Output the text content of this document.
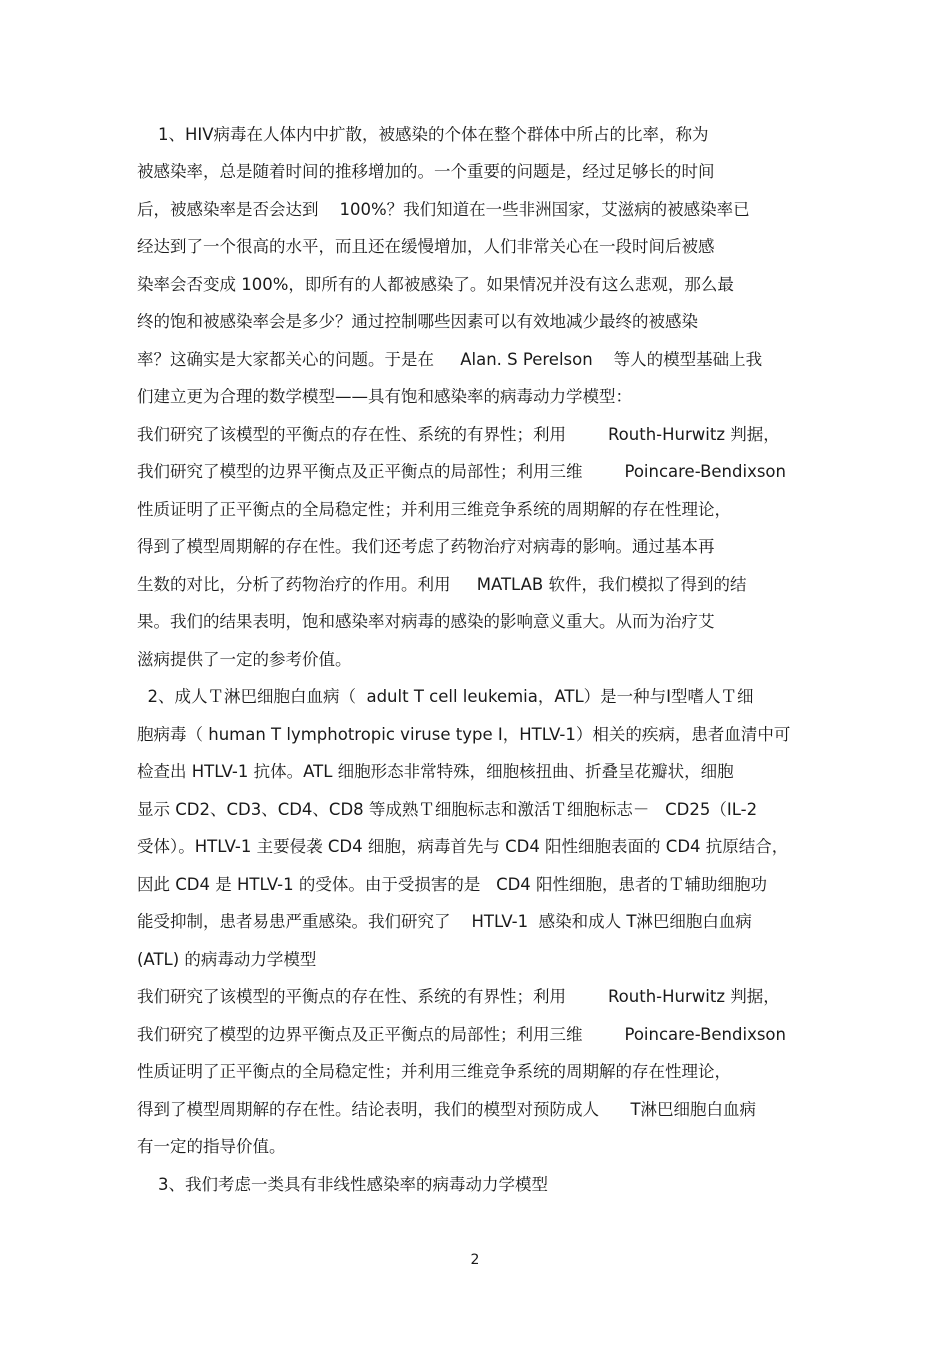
1、HIV病毒在人体内中扩散，被感染的个体在整个群体中所占的比率，称为
被感染率，总是随着时间的推移增加的。一个重要的问题是，经过足够长的时间
后，被感染率是否会达到    100%？我们知道在一些非洲国家，艾滋病的被感染率已
经达到了一个很高的水平，而且还在缓慢增加，人们非常关心在一段时间后被感
染率会否变成 100%，即所有的人都被感染了。如果情况并没有这么悲观，那么最
终的饱和被感染率会是多少？通过控制哪些因素可以有效地减少最终的被感染
率？这确实是大家都关心的问题。于是在     Alan. S Perelson    等人的模型基础上我
们建立更为合理的数学模型——具有饱和感染率的病毒动力学模型：
我们研究了该模型的平衡点的存在性、系统的有界性；利用        Routh-Hurwitz 判据，
我们研究了模型的边界平衡点及正平衡点的局部性；利用三维        Poincare-Bendixson
性质证明了正平衡点的全局稳定性；并利用三维竞争系统的周期解的存在性理论，
得到了模型周期解的存在性。我们还考虑了药物治疗对病毒的影响。通过基本再
生数的对比，分析了药物治疗的作用。利用     MATLAB 软件，我们模拟了得到的结
果。我们的结果表明，饱和感染率对病毒的感染的影响意义重大。从而为治疗艾
滋病提供了一定的参考价值。
2、成人Ｔ淋巴细胞白血病（  adult T cell leukemia，ATL）是一种与Ⅰ型嗜人Ｔ细
胞病毒（ human T lymphotropic viruse type I，HTLV-1）相关的疾病，患者血清中可
检查出 HTLV-1 抗体。ATL 细胞形态非常特殊，细胞核扭曲、折叠呈花瓣状，细胞
显示 CD2、CD3、CD4、CD8 等成熟Ｔ细胞标志和激活Ｔ细胞标志－   CD25（IL-2
受体）。HTLV-1 主要侵袭 CD4 细胞，病毒首先与 CD4 阳性细胞表面的 CD4 抗原结合，
因此 CD4 是 HTLV-1 的受体。由于受损害的是   CD4 阳性细胞，患者的Ｔ辅助细胞功
能受抑制，患者易患严重感染。我们研究了    HTLV-1  感染和成人 T淋巴细胞白血病
(ATL) 的病毒动力学模型
我们研究了该模型的平衡点的存在性、系统的有界性；利用        Routh-Hurwitz 判据，
我们研究了模型的边界平衡点及正平衡点的局部性；利用三维        Poincare-Bendixson
性质证明了正平衡点的全局稳定性；并利用三维竞争系统的周期解的存在性理论，
得到了模型周期解的存在性。结论表明，我们的模型对预防成人      T淋巴细胞白血病
有一定的指导价值。
3、我们考虑一类具有非线性感染率的病毒动力学模型
2
